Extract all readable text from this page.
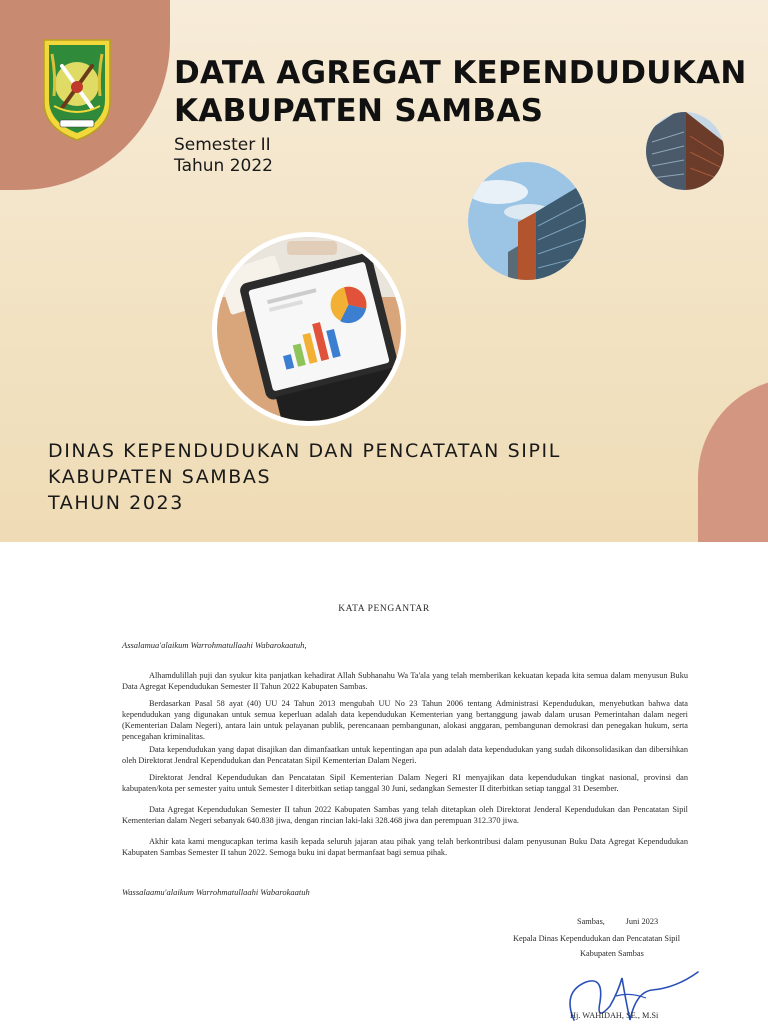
DATA AGREGAT KEPENDUDUKAN
KABUPATEN SAMBAS
Semester II
Tahun 2022
DINAS KEPENDUDUKAN DAN PENCATATAN SIPIL
KABUPATEN SAMBAS
TAHUN 2023
KATA PENGANTAR
Assalamua'alaikum Warrohmatullaahi Wabarokaatuh,

Alhamdulillah puji dan syukur kita panjatkan kehadirat Allah Subhanahu Wa Ta'ala yang telah memberikan kekuatan kepada kita semua dalam menyusun Buku Data Agregat Kependudukan Semester II Tahun 2022 Kabupaten Sambas.

Berdasarkan Pasal 58 ayat (40) UU 24 Tahun 2013 mengubah UU No 23 Tahun 2006 tentang Administrasi Kependudukan, menyebutkan bahwa data kependudukan yang digunakan untuk semua keperluan adalah data kependudukan Kementerian yang bertanggung jawab dalam urusan Pemerintahan dalam negeri (Kementerian Dalam Negeri), antara lain untuk pelayanan publik, perencanaan pembangunan, alokasi anggaran, pembangunan demokrasi dan penegakan hukum, serta pencegahan kriminalitas.

Data kependudukan yang dapat disajikan dan dimanfaatkan untuk kepentingan apa pun adalah data kependudukan yang sudah dikonsolidasikan dan dibersihkan oleh Direktorat Jendral Kependudukan dan Pencatatan Sipil Kementerian Dalam Negeri.

Direktorat Jendral Kependudukan dan Pencatatan Sipil Kementerian Dalam Negeri RI menyajikan data kependudukan tingkat nasional, provinsi dan kabupaten/kota per semester yaitu untuk Semester I diterbitkan setiap tanggal 30 Juni, sedangkan Semester II diterbitkan setiap tanggal 31 Desember.

Data Agregat Kependudukan Semester II tahun 2022 Kabupaten Sambas yang telah ditetapkan oleh Direktorat Jenderal Kependudukan dan Pencatatan Sipil Kementerian dalam Negeri sebanyak 640.838 jiwa, dengan rincian laki-laki 328.468 jiwa dan perempuan 312.370 jiwa.

Akhir kata kami mengucapkan terima kasih kepada seluruh jajaran atau pihak yang telah berkontribusi dalam penyusunan Buku Data Agregat Kependudukan Kabupaten Sambas Semester II tahun 2022. Semoga buku ini dapat bermanfaat bagi semua pihak.

Wassalaamu'alaikum Warrohmatullaahi Wabarokaatuh
Sambas,          Juni 2023
Kepala Dinas Kependudukan dan Pencatatan Sipil
Kabupaten Sambas
Hj. WAHIDAH, SE., M.Si
